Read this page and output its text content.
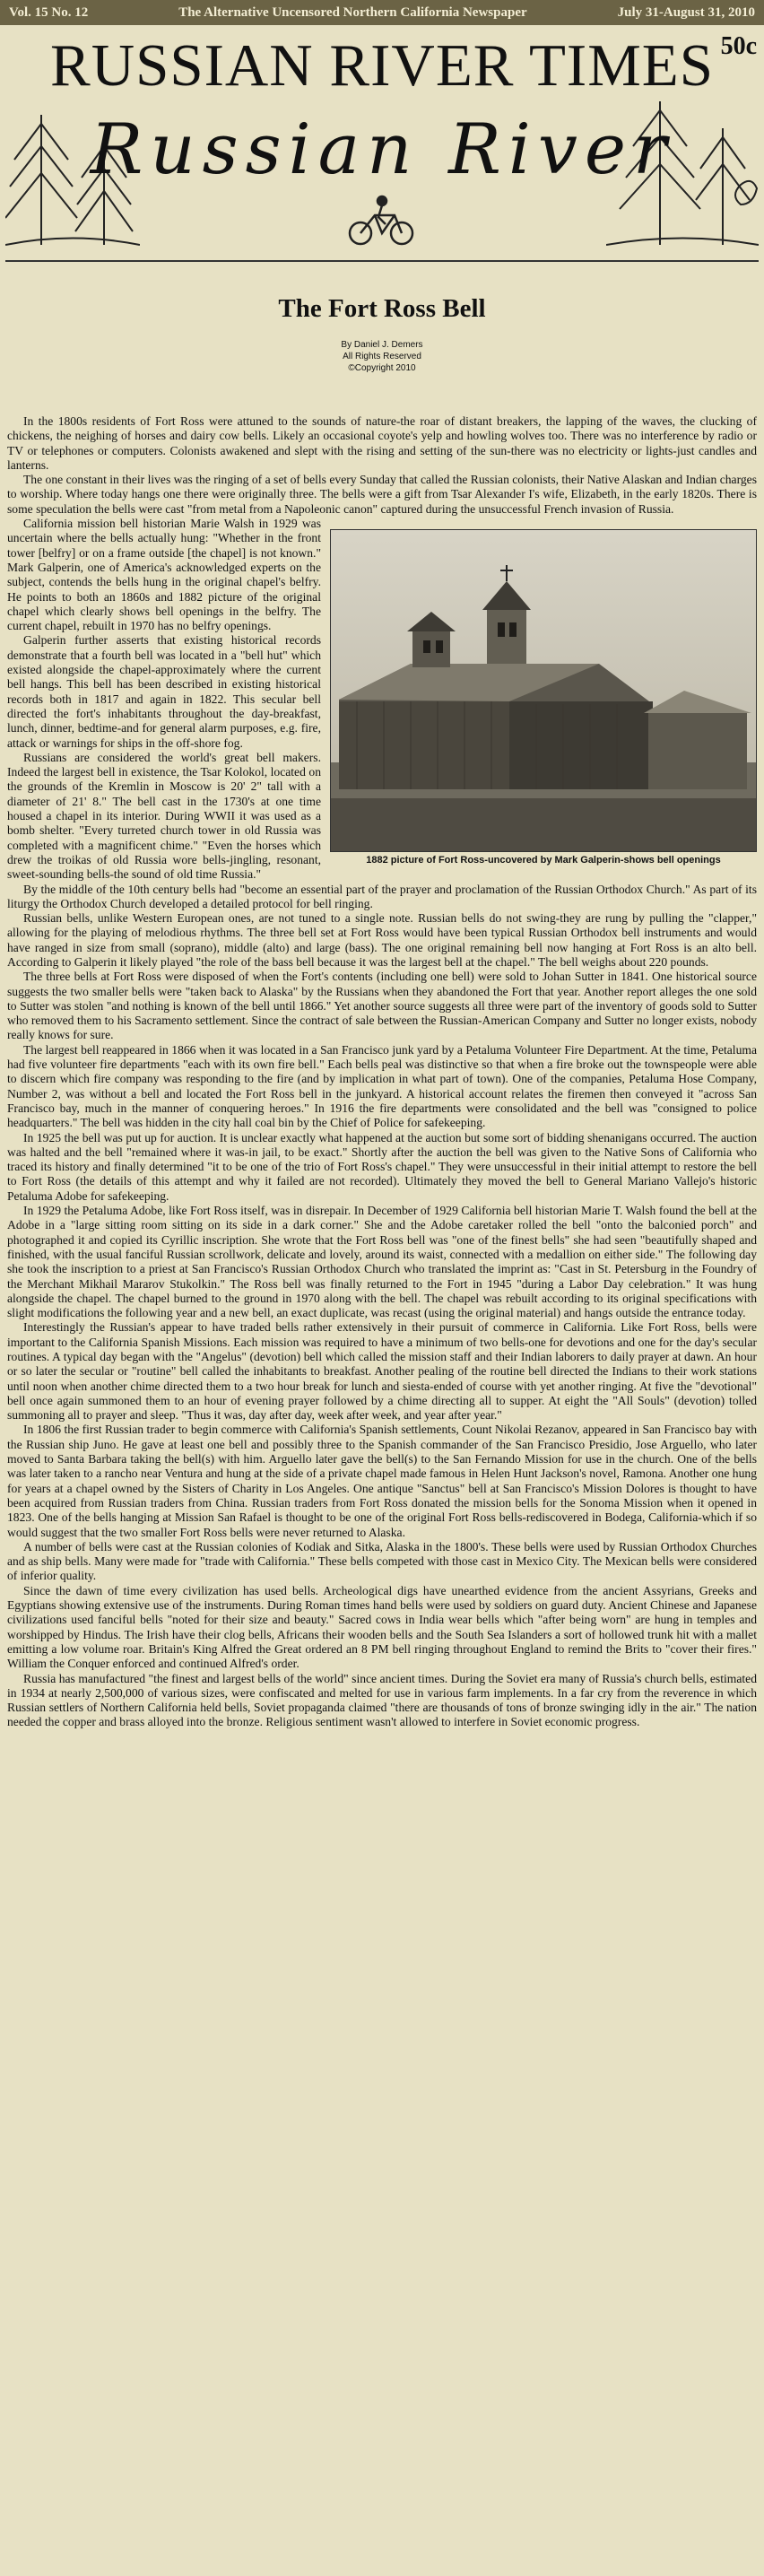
Vol. 15 No. 12	The Alternative Uncensored Northern California Newspaper	July 31-August 31, 2010
RUSSIAN RIVER TIMES 50c
Russian River
The Fort Ross Bell
By Daniel J. Demers
All Rights Reserved
©Copyright 2010

In the 1800s residents of Fort Ross were attuned to the sounds of nature-the roar of distant breakers, the lapping of the waves, the clucking of chickens, the neighing of horses and dairy cow bells. Likely an occasional coyote's yelp and howling wolves too. There was no interference by radio or TV or telephones or computers. Colonists awakened and slept with the rising and setting of the sun-there was no electricity or lights-just candles and lanterns.

The one constant in their lives was the ringing of a set of bells every Sunday that called the Russian colonists, their Native Alaskan and Indian charges to worship. Where today hangs one there were originally three. The bells were a gift from Tsar Alexander I's wife, Elizabeth, in the early 1820s. There is some speculation the bells were cast "from metal from a Napoleonic canon" captured during the unsuccessful French invasion of Russia.

1882 picture of Fort Ross-uncovered by Mark Galperin-shows bell openings

California mission bell historian Marie Walsh in 1929 was uncertain where the bells actually hung: "Whether in the front tower [belfry] or on a frame outside [the chapel] is not known." Mark Galperin, one of America's acknowledged experts on the subject, contends the bells hung in the original chapel's belfry. He points to both an 1860s and 1882 picture of the original chapel which clearly shows bell openings in the belfry. The current chapel, rebuilt in 1970 has no belfry openings.

Galperin further asserts that existing historical records demonstrate that a fourth bell was located in a "bell hut" which existed alongside the chapel-approximately where the current bell hangs. This bell has been described in existing historical records both in 1817 and again in 1822. This secular bell directed the fort's inhabitants throughout the day-breakfast, lunch, dinner, bedtime-and for general alarm purposes, e.g. fire, attack or warnings for ships in the off-shore fog.

Russians are considered the world's great bell makers. Indeed the largest bell in existence, the Tsar Kolokol, located on the grounds of the Kremlin in Moscow is 20' 2" tall with a diameter of 21' 8." The bell cast in the 1730's at one time housed a chapel in its interior. During WWII it was used as a bomb shelter. "Every turreted church tower in old Russia was completed with a magnificent chime." "Even the horses which drew the troikas of old Russia wore bells-jingling, resonant, sweet-sounding bells-the sound of old time Russia."

By the middle of the 10th century bells had "become an essential part of the prayer and proclamation of the Russian Orthodox Church." As part of its liturgy the Orthodox Church developed a detailed protocol for bell ringing.

Russian bells, unlike Western European ones, are not tuned to a single note. Russian bells do not swing-they are rung by pulling the "clapper," allowing for the playing of melodious rhythms. The three bell set at Fort Ross would have been typical Russian Orthodox bell instruments and would have ranged in size from small (soprano), middle (alto) and large (bass). The one original remaining bell now hanging at Fort Ross is an alto bell. According to Galperin it likely played "the role of the bass bell because it was the largest bell at the chapel." The bell weighs about 220 pounds.

The three bells at Fort Ross were disposed of when the Fort's contents (including one bell) were sold to Johan Sutter in 1841. One historical source suggests the two smaller bells were "taken back to Alaska" by the Russians when they abandoned the Fort that year. Another report alleges the one sold to Sutter was stolen "and nothing is known of the bell until 1866." Yet another source suggests all three were part of the inventory of goods sold to Sutter who removed them to his Sacramento settlement. Since the contract of sale between the Russian-American Company and Sutter no longer exists, nobody really knows for sure.

The largest bell reappeared in 1866 when it was located in a San Francisco junk yard by a Petaluma Volunteer Fire Department. At the time, Petaluma had five volunteer fire departments "each with its own fire bell." Each bells peal was distinctive so that when a fire broke out the townspeople were able to discern which fire company was responding to the fire (and by implication in what part of town). One of the companies, Petaluma Hose Company, Number 2, was without a bell and located the Fort Ross bell in the junkyard. A historical account relates the firemen then conveyed it "across San Francisco bay, much in the manner of conquering heroes." In 1916 the fire departments were consolidated and the bell was "consigned to police headquarters." The bell was hidden in the city hall coal bin by the Chief of Police for safekeeping.

In 1925 the bell was put up for auction. It is unclear exactly what happened at the auction but some sort of bidding shenanigans occurred. The auction was halted and the bell "remained where it was-in jail, to be exact." Shortly after the auction the bell was given to the Native Sons of California who traced its history and finally determined "it to be one of the trio of Fort Ross's chapel." They were unsuccessful in their initial attempt to restore the bell to Fort Ross (the details of this attempt and why it failed are not recorded). Ultimately they moved the bell to General Mariano Vallejo's historic Petaluma Adobe for safekeeping.

In 1929 the Petaluma Adobe, like Fort Ross itself, was in disrepair. In December of 1929 California bell historian Marie T. Walsh found the bell at the Adobe in a "large sitting room sitting on its side in a dark corner." She and the Adobe caretaker rolled the bell "onto the balconied porch" and photographed it and copied its Cyrillic inscription. She wrote that the Fort Ross bell was "one of the finest bells" she had seen "beautifully shaped and finished, with the usual fanciful Russian scrollwork, delicate and lovely, around its waist, connected with a medallion on either side." The following day she took the inscription to a priest at San Francisco's Russian Orthodox Church who translated the imprint as: "Cast in St. Petersburg in the Foundry of the Merchant Mikhail Mararov Stukolkin." The Ross bell was finally returned to the Fort in 1945 "during a Labor Day celebration." It was hung alongside the chapel. The chapel burned to the ground in 1970 along with the bell. The chapel was rebuilt according to its original specifications with slight modifications the following year and a new bell, an exact duplicate, was recast (using the original material) and hangs outside the entrance today.

Interestingly the Russian's appear to have traded bells rather extensively in their pursuit of commerce in California. Like Fort Ross, bells were important to the California Spanish Missions. Each mission was required to have a minimum of two bells-one for devotions and one for the day's secular routines. A typical day began with the "Angelus" (devotion) bell which called the mission staff and their Indian laborers to daily prayer at dawn. An hour or so later the secular or "routine" bell called the inhabitants to breakfast. Another pealing of the routine bell directed the Indians to their work stations until noon when another chime directed them to a two hour break for lunch and siesta-ended of course with yet another ringing. At five the "devotional" bell once again summoned them to an hour of evening prayer followed by a chime directing all to supper. At eight the "All Souls" (devotion) tolled summoning all to prayer and sleep. "Thus it was, day after day, week after week, and year after year."

In 1806 the first Russian trader to begin commerce with California's Spanish settlements, Count Nikolai Rezanov, appeared in San Francisco bay with the Russian ship Juno. He gave at least one bell and possibly three to the Spanish commander of the San Francisco Presidio, Jose Arguello, who later moved to Santa Barbara taking the bell(s) with him. Arguello later gave the bell(s) to the San Fernando Mission for use in the church. One of the bells was later taken to a rancho near Ventura and hung at the side of a private chapel made famous in Helen Hunt Jackson's novel, Ramona. Another one hung for years at a chapel owned by the Sisters of Charity in Los Angeles. One antique "Sanctus" bell at San Francisco's Mission Dolores is thought to have been acquired from Russian traders from China. Russian traders from Fort Ross donated the mission bells for the Sonoma Mission when it opened in 1823. One of the bells hanging at Mission San Rafael is thought to be one of the original Fort Ross bells-rediscovered in Bodega, California-which if so would suggest that the two smaller Fort Ross bells were never returned to Alaska.

A number of bells were cast at the Russian colonies of Kodiak and Sitka, Alaska in the 1800's. These bells were used by Russian Orthodox Churches and as ship bells. Many were made for "trade with California." These bells competed with those cast in Mexico City. The Mexican bells were considered of inferior quality.

Since the dawn of time every civilization has used bells. Archeological digs have unearthed evidence from the ancient Assyrians, Greeks and Egyptians showing extensive use of the instruments. During Roman times hand bells were used by soldiers on guard duty. Ancient Chinese and Japanese civilizations used fanciful bells "noted for their size and beauty." Sacred cows in India wear bells which "after being worn" are hung in temples and worshipped by Hindus. The Irish have their clog bells, Africans their wooden bells and the South Sea Islanders a sort of hollowed trunk hit with a mallet emitting a low volume roar. Britain's King Alfred the Great ordered an 8 PM bell ringing throughout England to remind the Brits to "cover their fires." William the Conquer enforced and continued Alfred's order.

Russia has manufactured "the finest and largest bells of the world" since ancient times. During the Soviet era many of Russia's church bells, estimated in 1934 at nearly 2,500,000 of various sizes, were confiscated and melted for use in various farm implements. In a far cry from the reverence in which Russian settlers of Northern California held bells, Soviet propaganda claimed "there are thousands of tons of bronze swinging idly in the air." The nation needed the copper and brass alloyed into the bronze. Religious sentiment wasn't allowed to interfere in Soviet economic progress.
